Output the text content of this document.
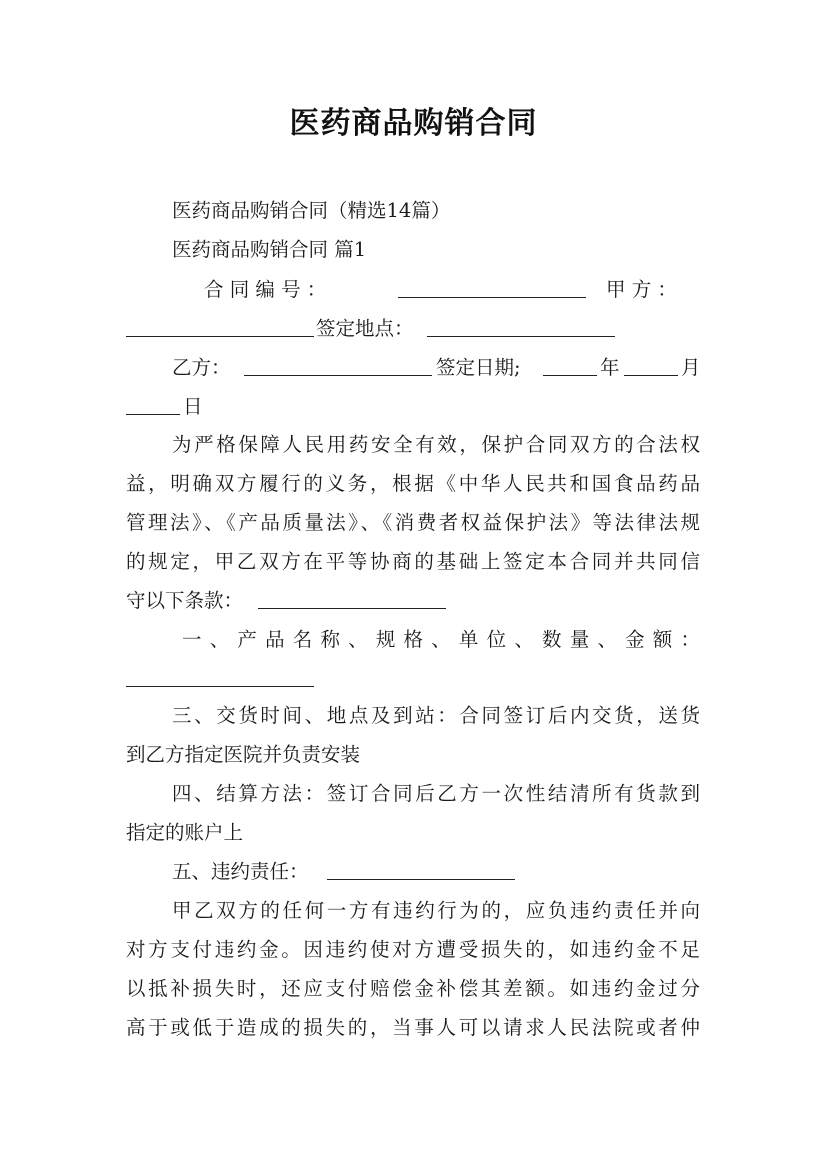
医药商品购销合同
医药商品购销合同（精选14篇）
医药商品购销合同 篇1
合 同 编 号 ：	甲 方 ：
签定地点：
乙方：	签定日期;	年	月
日
为严格保障人民用药安全有效，保护合同双方的合法权
益，明确双方履行的义务，根据《中华人民共和国食品药品
管理法》、《产品质量法》、《消费者权益保护法》等法律法规
的规定，甲乙双方在平等协商的基础上签定本合同并共同信
守以下条款：
一、产品名称、规格、单位、数量、金额：
三、交货时间、地点及到站：合同签订后内交货，送货
到乙方指定医院并负责安装
四、结算方法：签订合同后乙方一次性结清所有货款到
指定的账户上
五、违约责任：
甲乙双方的任何一方有违约行为的，应负违约责任并向
对方支付违约金。因违约使对方遭受损失的，如违约金不足
以抵补损失时，还应支付赔偿金补偿其差额。如违约金过分
高于或低于造成的损失的，当事人可以请求人民法院或者仲
